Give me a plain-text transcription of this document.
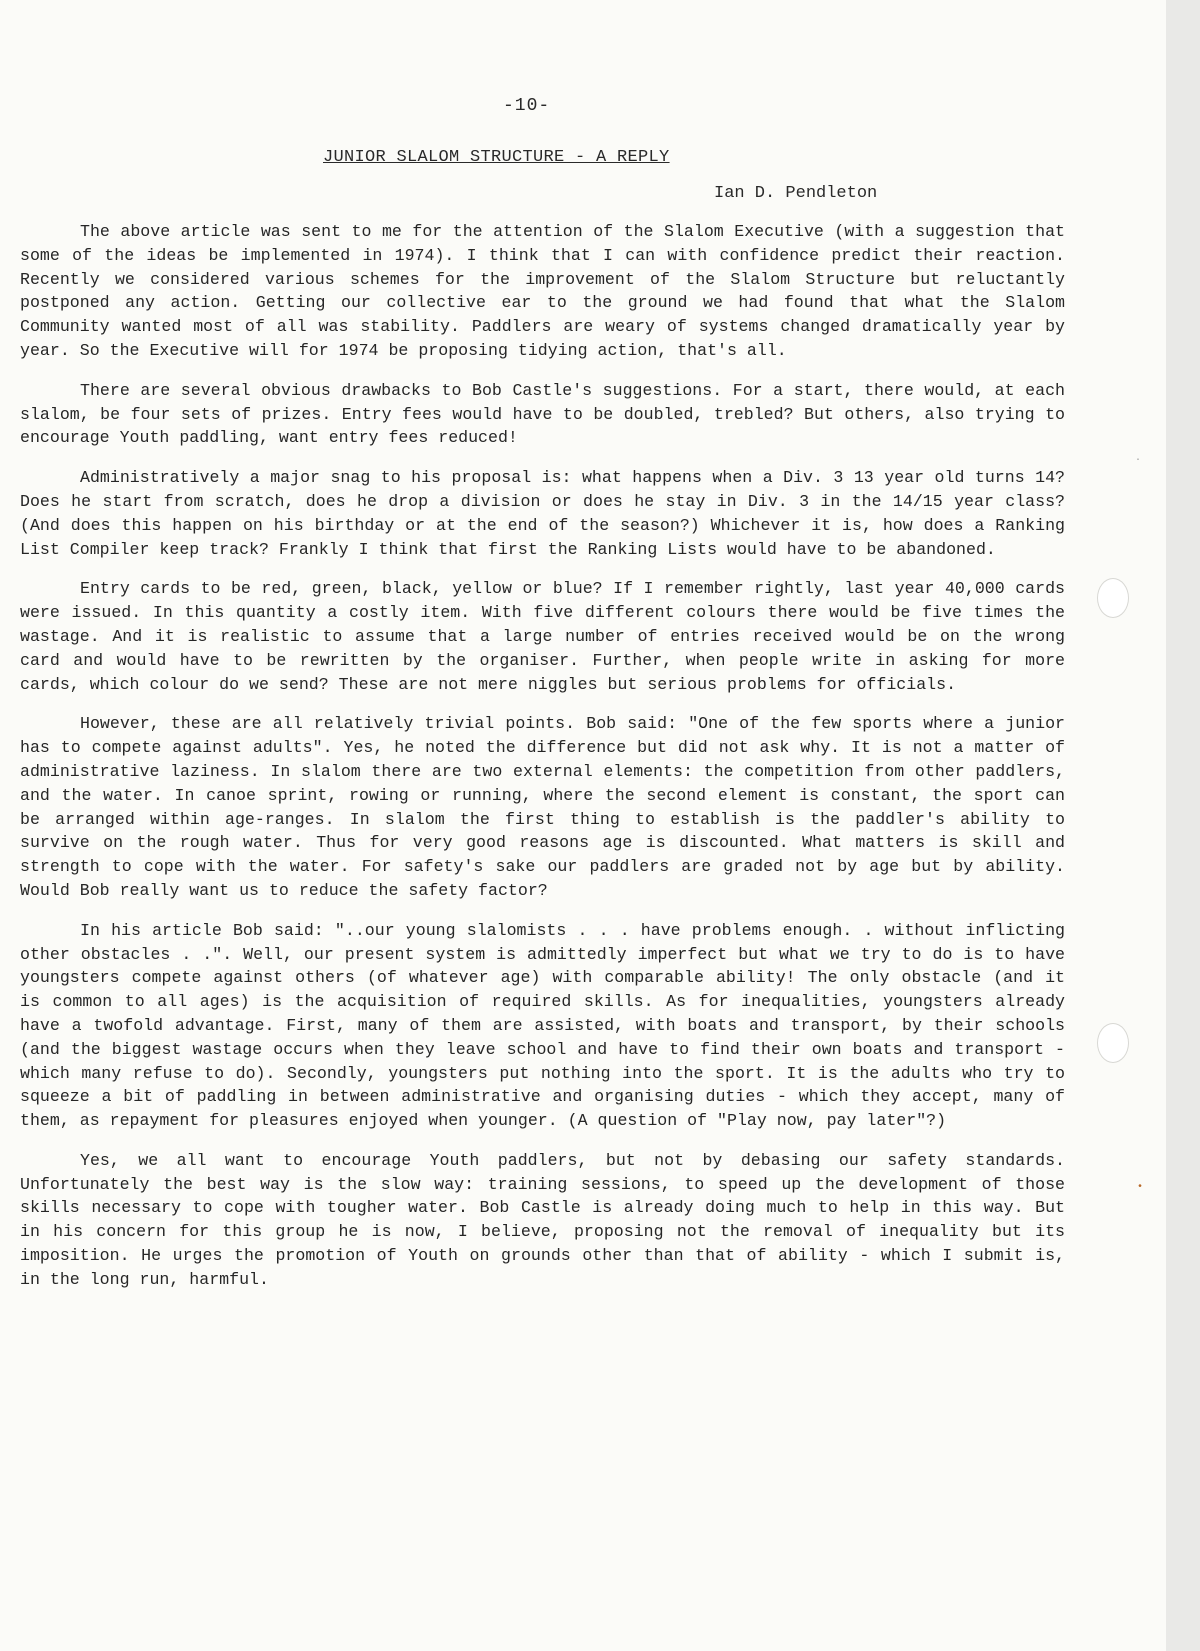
•
·
-10-
JUNIOR SLALOM STRUCTURE - A REPLY
Ian D. Pendleton

The above article was sent to me for the attention of the Slalom Executive (with a suggestion that some of the ideas be implemented in 1974). I think that I can with confidence predict their reaction. Recently we considered various schemes for the improvement of the Slalom Structure but reluctantly postponed any action. Getting our collective ear to the ground we had found that what the Slalom Community wanted most of all was stability. Paddlers are weary of systems changed dramatically year by year. So the Executive will for 1974 be proposing tidying action, that's all.

There are several obvious drawbacks to Bob Castle's suggestions. For a start, there would, at each slalom, be four sets of prizes. Entry fees would have to be doubled, trebled? But others, also trying to encourage Youth paddling, want entry fees reduced!

Administratively a major snag to his proposal is: what happens when a Div. 3 13 year old turns 14? Does he start from scratch, does he drop a division or does he stay in Div. 3 in the 14/15 year class? (And does this happen on his birthday or at the end of the season?) Whichever it is, how does a Ranking List Compiler keep track? Frankly I think that first the Ranking Lists would have to be abandoned.

Entry cards to be red, green, black, yellow or blue? If I remember rightly, last year 40,000 cards were issued. In this quantity a costly item. With five different colours there would be five times the wastage. And it is realistic to assume that a large number of entries received would be on the wrong card and would have to be rewritten by the organiser. Further, when people write in asking for more cards, which colour do we send? These are not mere niggles but serious problems for officials.

However, these are all relatively trivial points. Bob said: "One of the few sports where a junior has to compete against adults". Yes, he noted the difference but did not ask why. It is not a matter of administrative laziness. In slalom there are two external elements: the competition from other paddlers, and the water. In canoe sprint, rowing or running, where the second element is constant, the sport can be arranged within age-ranges. In slalom the first thing to establish is the paddler's ability to survive on the rough water. Thus for very good reasons age is discounted. What matters is skill and strength to cope with the water. For safety's sake our paddlers are graded not by age but by ability. Would Bob really want us to reduce the safety factor?

In his article Bob said: "..our young slalomists . . . have problems enough. . without inflicting other obstacles . .". Well, our present system is admittedly imperfect but what we try to do is to have youngsters compete against others (of whatever age) with comparable ability! The only obstacle (and it is common to all ages) is the acquisition of required skills. As for inequalities, youngsters already have a twofold advantage. First, many of them are assisted, with boats and transport, by their schools (and the biggest wastage occurs when they leave school and have to find their own boats and transport - which many refuse to do). Secondly, youngsters put nothing into the sport. It is the adults who try to squeeze a bit of paddling in between administrative and organising duties - which they accept, many of them, as repayment for pleasures enjoyed when younger. (A question of "Play now, pay later"?)

Yes, we all want to encourage Youth paddlers, but not by debasing our safety standards. Unfortunately the best way is the slow way: training sessions, to speed up the development of those skills necessary to cope with tougher water. Bob Castle is already doing much to help in this way. But in his concern for this group he is now, I believe, proposing not the removal of inequality but its imposition. He urges the promotion of Youth on grounds other than that of ability - which I submit is, in the long run, harmful.
